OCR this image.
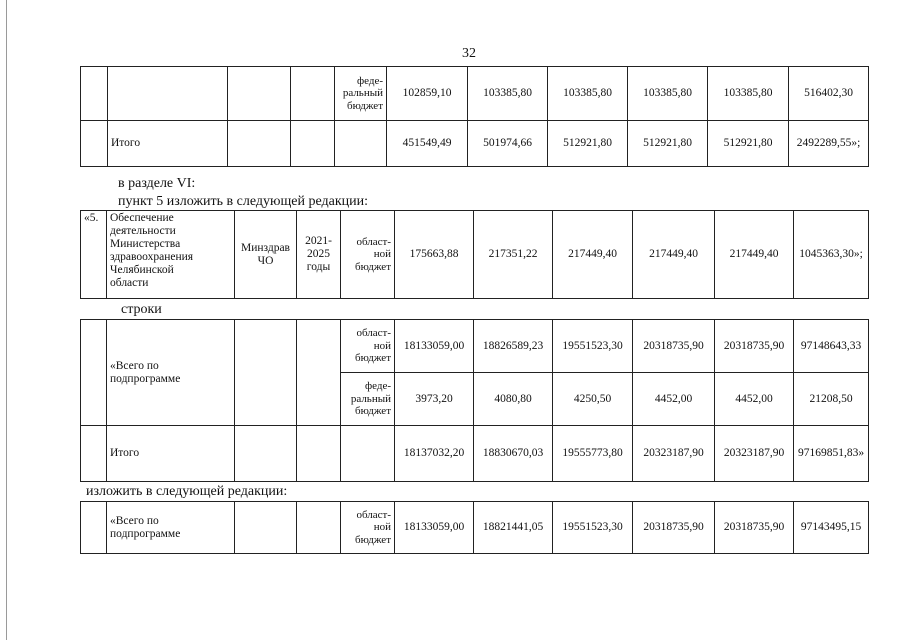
32
				феде-
ральный
бюджет	102859,10	103385,80	103385,80	103385,80	103385,80	516402,30
	Итого				451549,49	501974,66	512921,80	512921,80	512921,80	2492289,55»;
в разделе VI:
пункт 5 изложить в следующей редакции:
«5.	Обеспечение
деятельности
Министерства
здравоохранения
Челябинской
области	Минздрав
ЧО	2021-
2025
годы	област-
ной
бюджет	175663,88	217351,22	217449,40	217449,40	217449,40	1045363,30»;
строки
	«Всего по
подпрограмме			област-
ной
бюджет	18133059,00	18826589,23	19551523,30	20318735,90	20318735,90	97148643,33
				феде-
ральный
бюджет	3973,20	4080,80	4250,50	4452,00	4452,00	21208,50
	Итого				18137032,20	18830670,03	19555773,80	20323187,90	20323187,90	97169851,83»
изложить в следующей редакции:
	«Всего по
подпрограмме			област-
ной
бюджет	18133059,00	18821441,05	19551523,30	20318735,90	20318735,90	97143495,15
